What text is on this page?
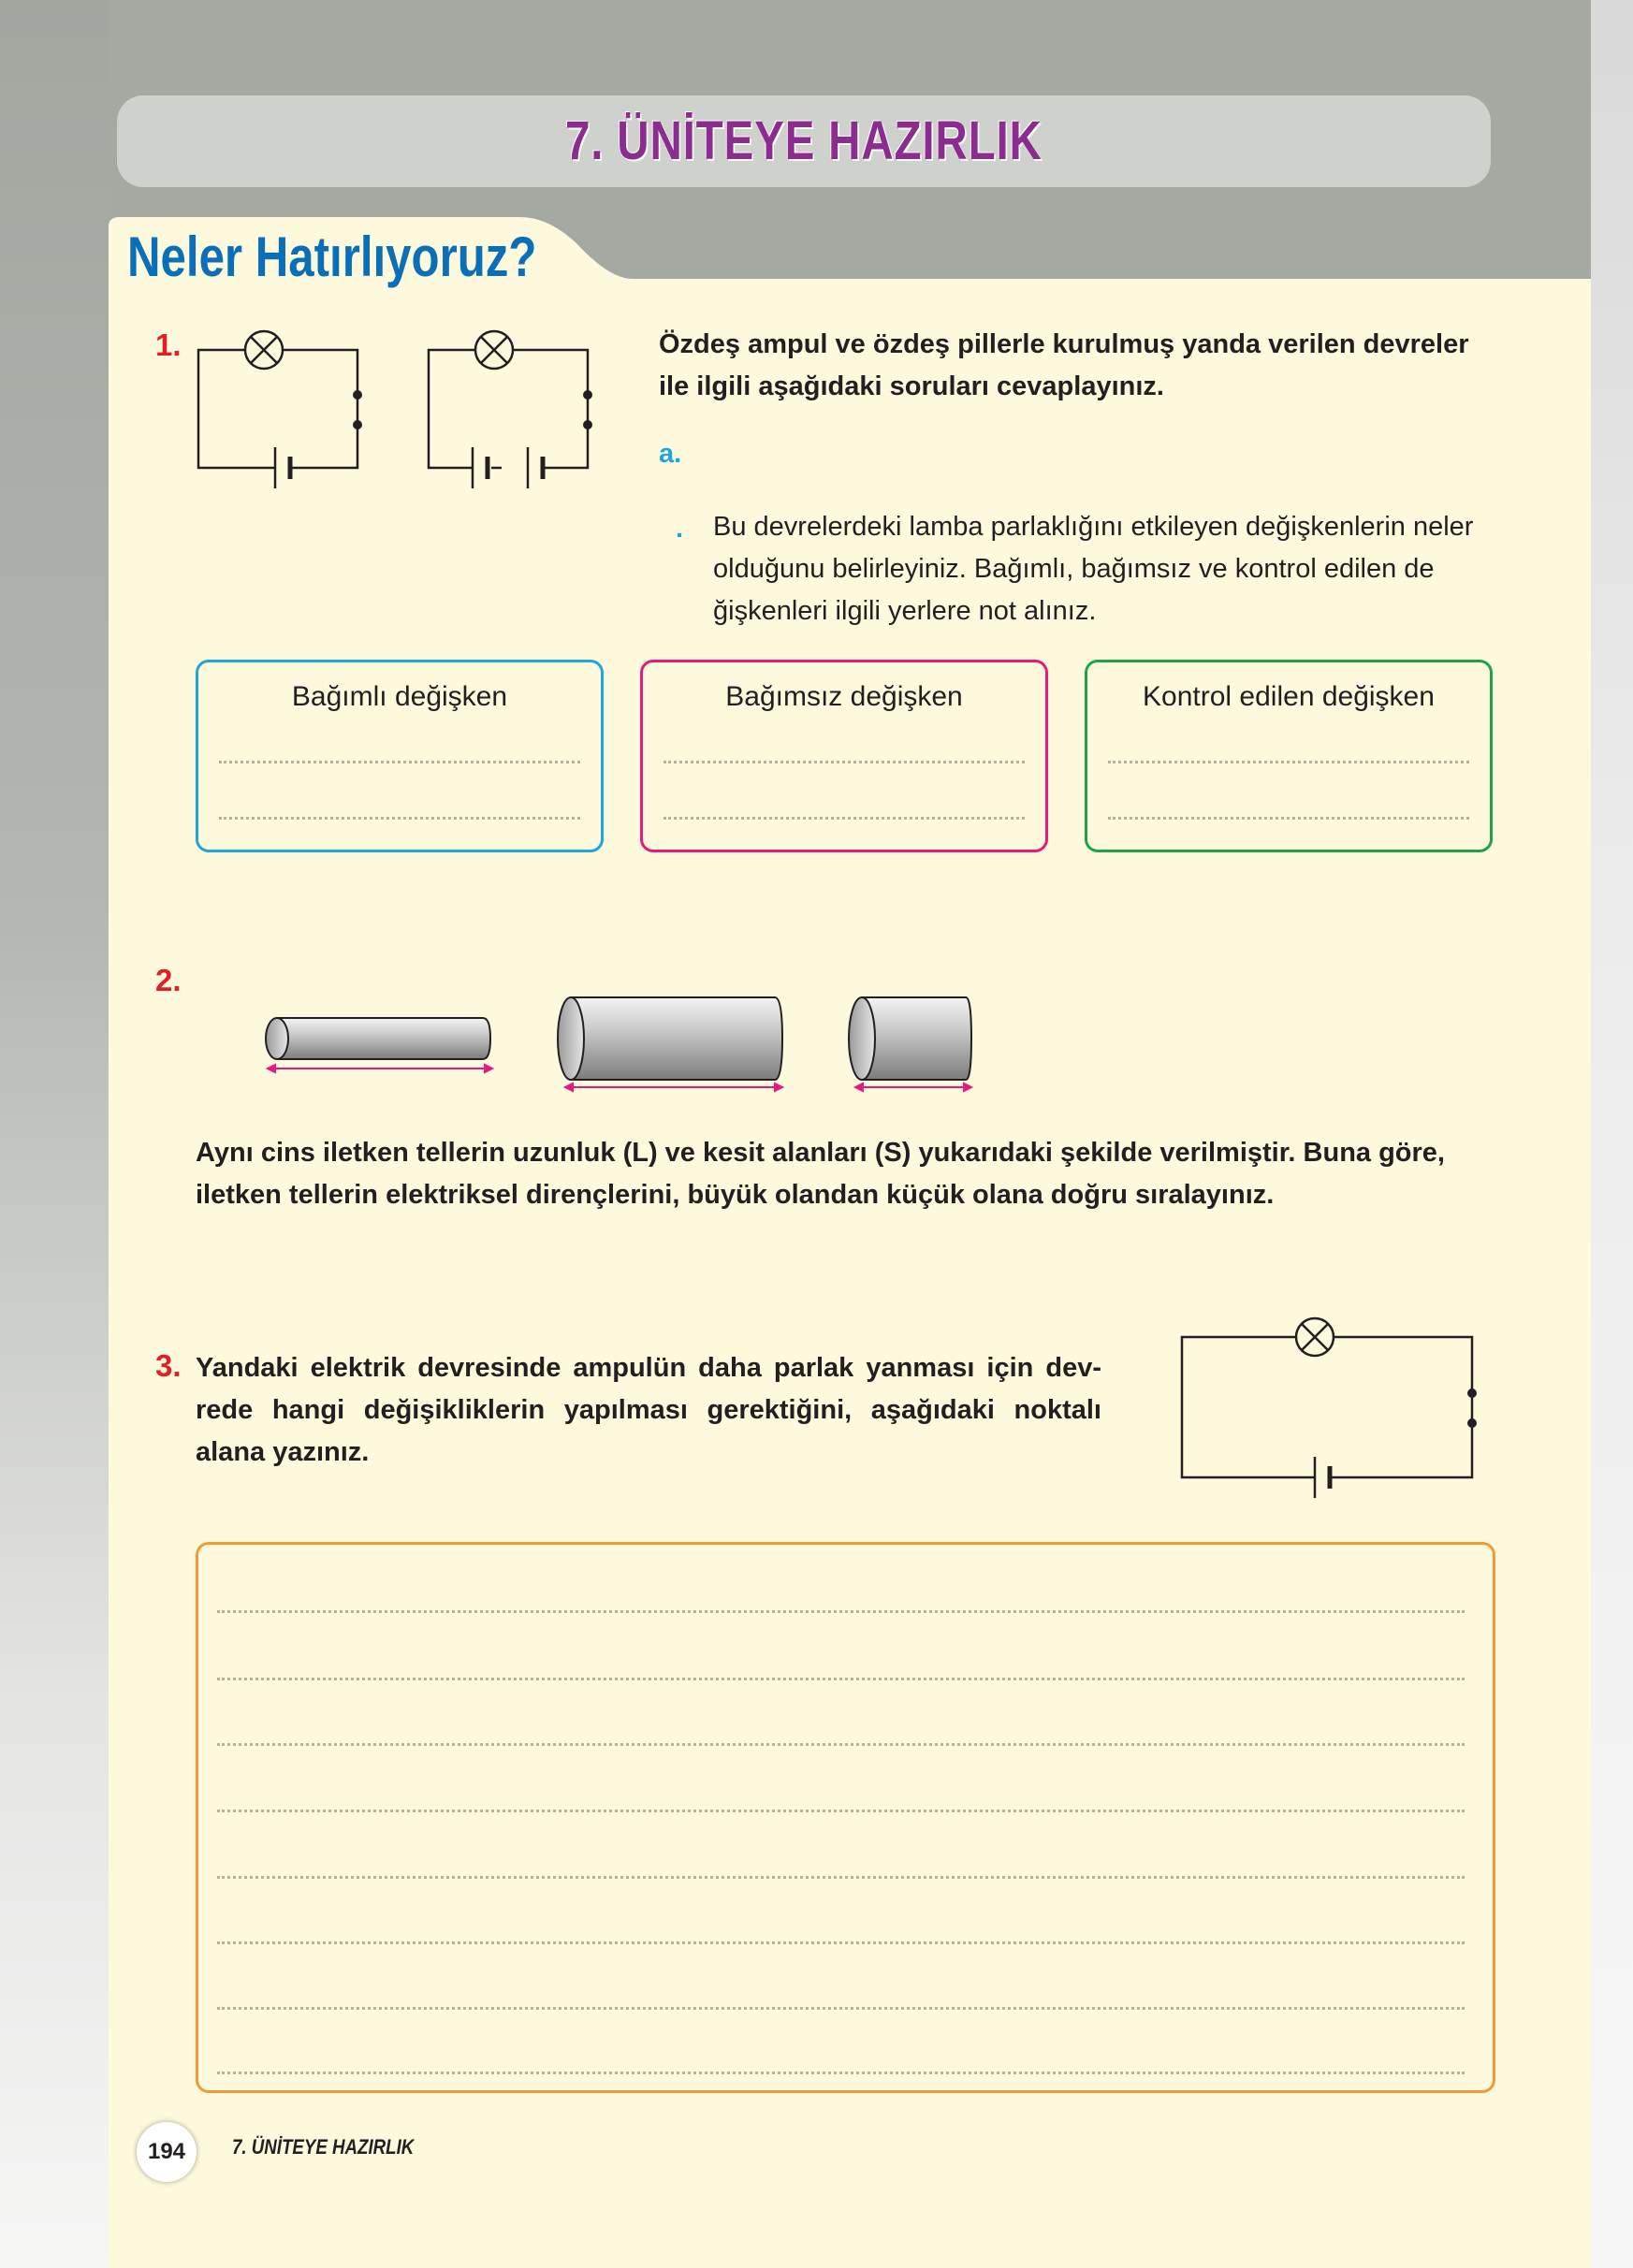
7. ÜNİTEYE HAZIRLIK
Neler Hatırlıyoruz?
1.	Özdeş ampul ve özdeş pillerle kurulmuş yanda verilen devreler
ile ilgili aşağıdaki soruları cevaplayınız.
a.
. Bu devrelerdeki lamba parlaklığını etkileyen değişkenlerin neler
olduğunu belirleyiniz. Bağımlı, bağımsız ve kontrol edilen de
ğişkenleri ilgili yerlere not alınız.
Bağımlı değişken	Bağımsız değişken	Kontrol edilen değişken
2.
Aynı cins iletken tellerin uzunluk (L) ve kesit alanları (S) yukarıdaki şekilde verilmiştir. Buna göre,
iletken tellerin elektriksel dirençlerini, büyük olandan küçük olana doğru sıralayınız.
3. Yandaki elektrik devresinde ampulün daha parlak yanması için dev-
rede hangi değişikliklerin yapılması gerektiğini, aşağıdaki noktalı
alana yazınız.
194	7. ÜNİTEYE HAZIRLIK
